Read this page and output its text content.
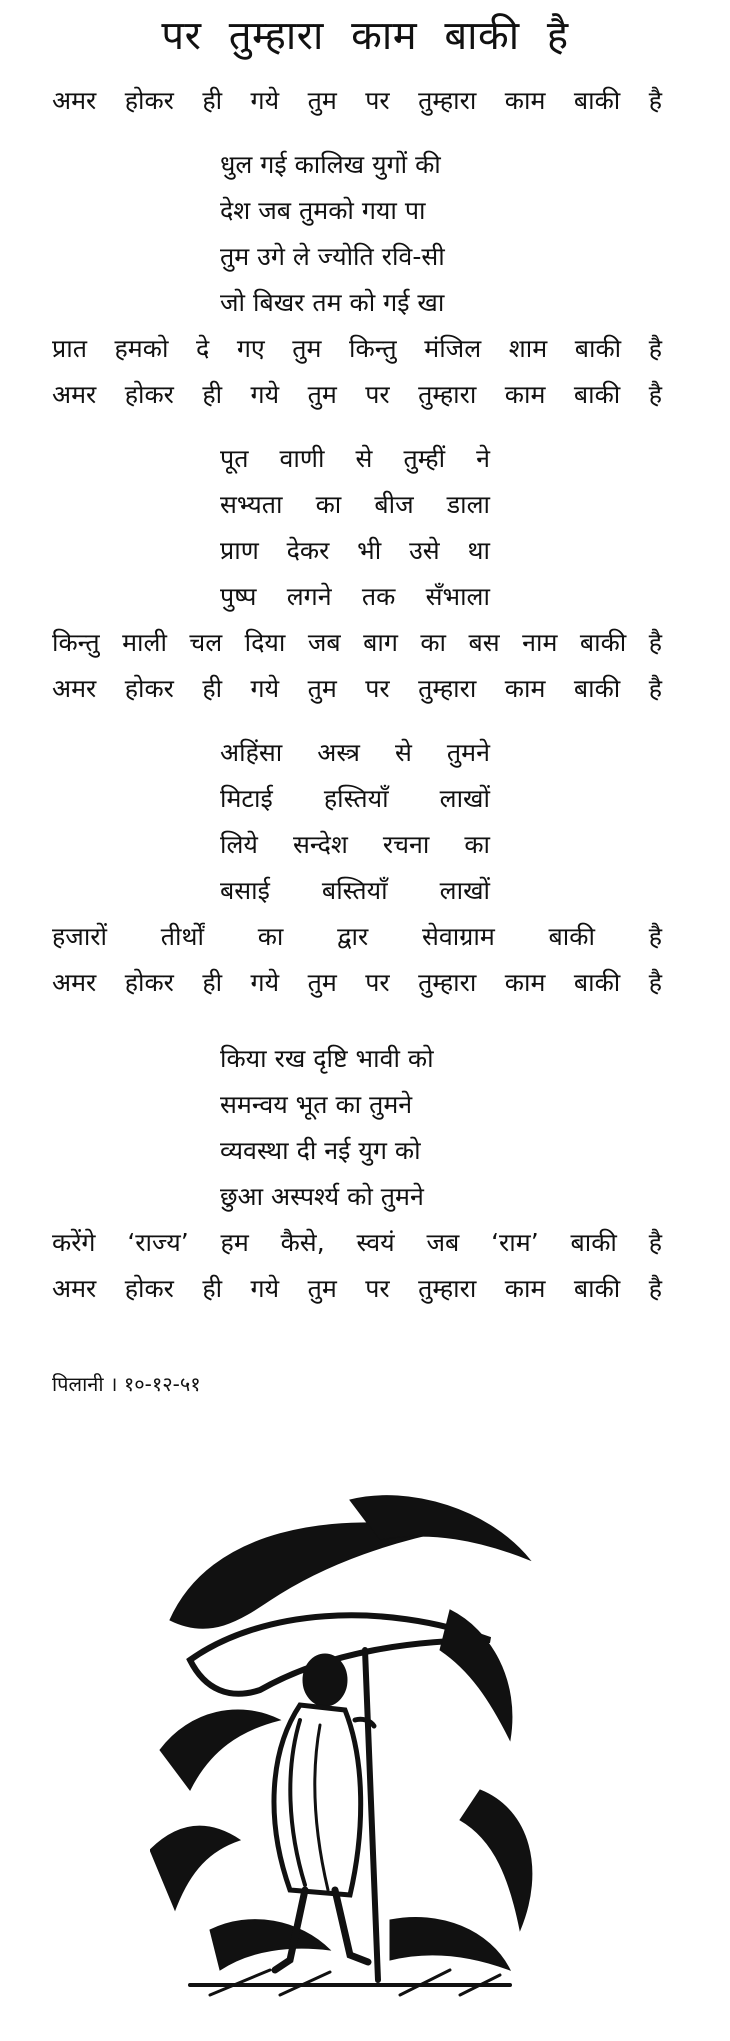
पर तुम्हारा काम बाकी है
अमर होकर ही गये तुम पर तुम्हारा काम बाकी है
धुल गई कालिख युगों की
देश जब तुमको गया पा
तुम उगे ले ज्योति रवि-सी
जो बिखर तम को गई खा
प्रात हमको दे गए तुम किन्तु मंजिल शाम बाकी है
अमर होकर ही गये तुम पर तुम्हारा काम बाकी है
पूत वाणी से तुम्हीं ने
सभ्यता का बीज डाला
प्राण देकर भी उसे था
पुष्प लगने तक सँभाला
किन्तु माली चल दिया जब बाग का बस नाम बाकी है
अमर होकर ही गये तुम पर तुम्हारा काम बाकी है
अहिंसा अस्त्र से तुमने
मिटाई हस्तियाँ लाखों
लिये सन्देश रचना का
बसाई बस्तियाँ लाखों
हजारों तीर्थों का द्वार सेवाग्राम बाकी है
अमर होकर ही गये तुम पर तुम्हारा काम बाकी है
किया रख दृष्टि भावी को
समन्वय भूत का तुमने
व्यवस्था दी नई युग को
छुआ अस्पर्श्य को तुमने
करेंगे ‘राज्य’ हम कैसे, स्वयं जब ‘राम’ बाकी है
अमर होकर ही गये तुम पर तुम्हारा काम बाकी है
पिलानी । १०-१२-५१
